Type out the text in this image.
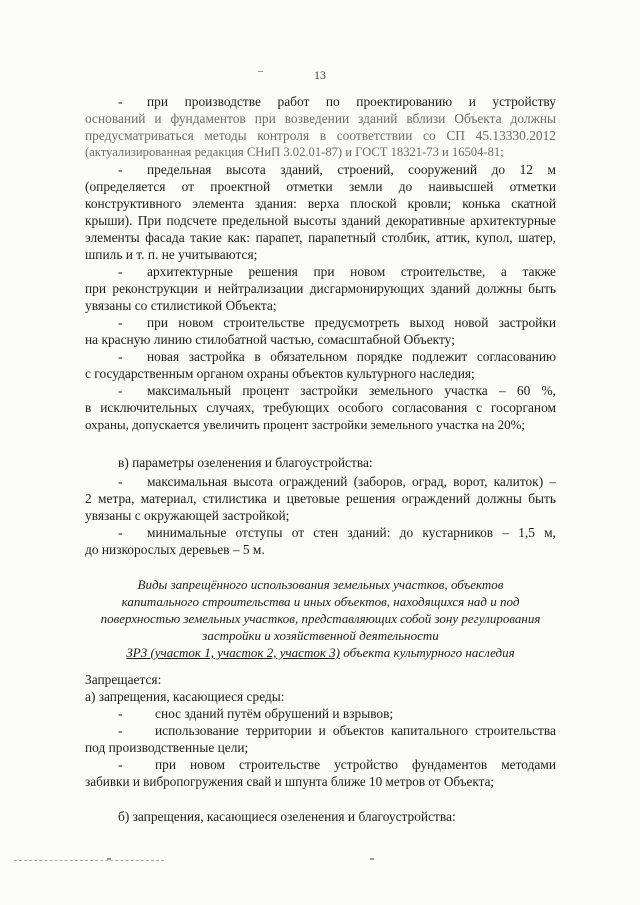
13
- при производстве работ по проектированию и устройству
оснований и фундаментов при возведении зданий вблизи Объекта должны
предусматриваться методы контроля в соответствии со СП 45.13330.2012
(актуализированная редакция СНиП 3.02.01-87) и ГОСТ 18321-73 и 16504-81;
- предельная высота зданий, строений, сооружений до 12 м
(определяется от проектной отметки земли до наивысшей отметки
конструктивного элемента здания: верха плоской кровли; конька скатной
крыши). При подсчете предельной высоты зданий декоративные архитектурные
элементы фасада такие как: парапет, парапетный столбик, аттик, купол, шатер,
шпиль и т. п. не учитываются;
- архитектурные решения при новом строительстве, а также
при реконструкции и нейтрализации дисгармонирующих зданий должны быть
увязаны со стилистикой Объекта;
- при новом строительстве предусмотреть выход новой застройки
на красную линию стилобатной частью, сомасштабной Объекту;
- новая застройка в обязательном порядке подлежит согласованию
с государственным органом охраны объектов культурного наследия;
- максимальный процент застройки земельного участка – 60 %,
в исключительных случаях, требующих особого согласования с госорганом
охраны, допускается увеличить процент застройки земельного участка на 20%;
в) параметры озеленения и благоустройства:
- максимальная высота ограждений (заборов, оград, ворот, калиток) –
2 метра, материал, стилистика и цветовые решения ограждений должны быть
увязаны с окружающей застройкой;
- минимальные отступы от стен зданий: до кустарников – 1,5 м,
до низкорослых деревьев – 5 м.
Виды запрещённого использования земельных участков, объектов
капитального строительства и иных объектов, находящихся над и под
поверхностью земельных участков, представляющих собой зону регулирования
застройки и хозяйственной деятельности
ЗР3 (участок 1, участок 2, участок 3) объекта культурного наследия
Запрещается:
а) запрещения, касающиеся среды:
- снос зданий путём обрушений и взрывов;
- использование территории и объектов капитального строительства
под производственные цели;
- при новом строительстве устройство фундаментов методами
забивки и вибропогружения свай и шпунта ближе 10 метров от Объекта;
б) запрещения, касающиеся озеленения и благоустройства:
